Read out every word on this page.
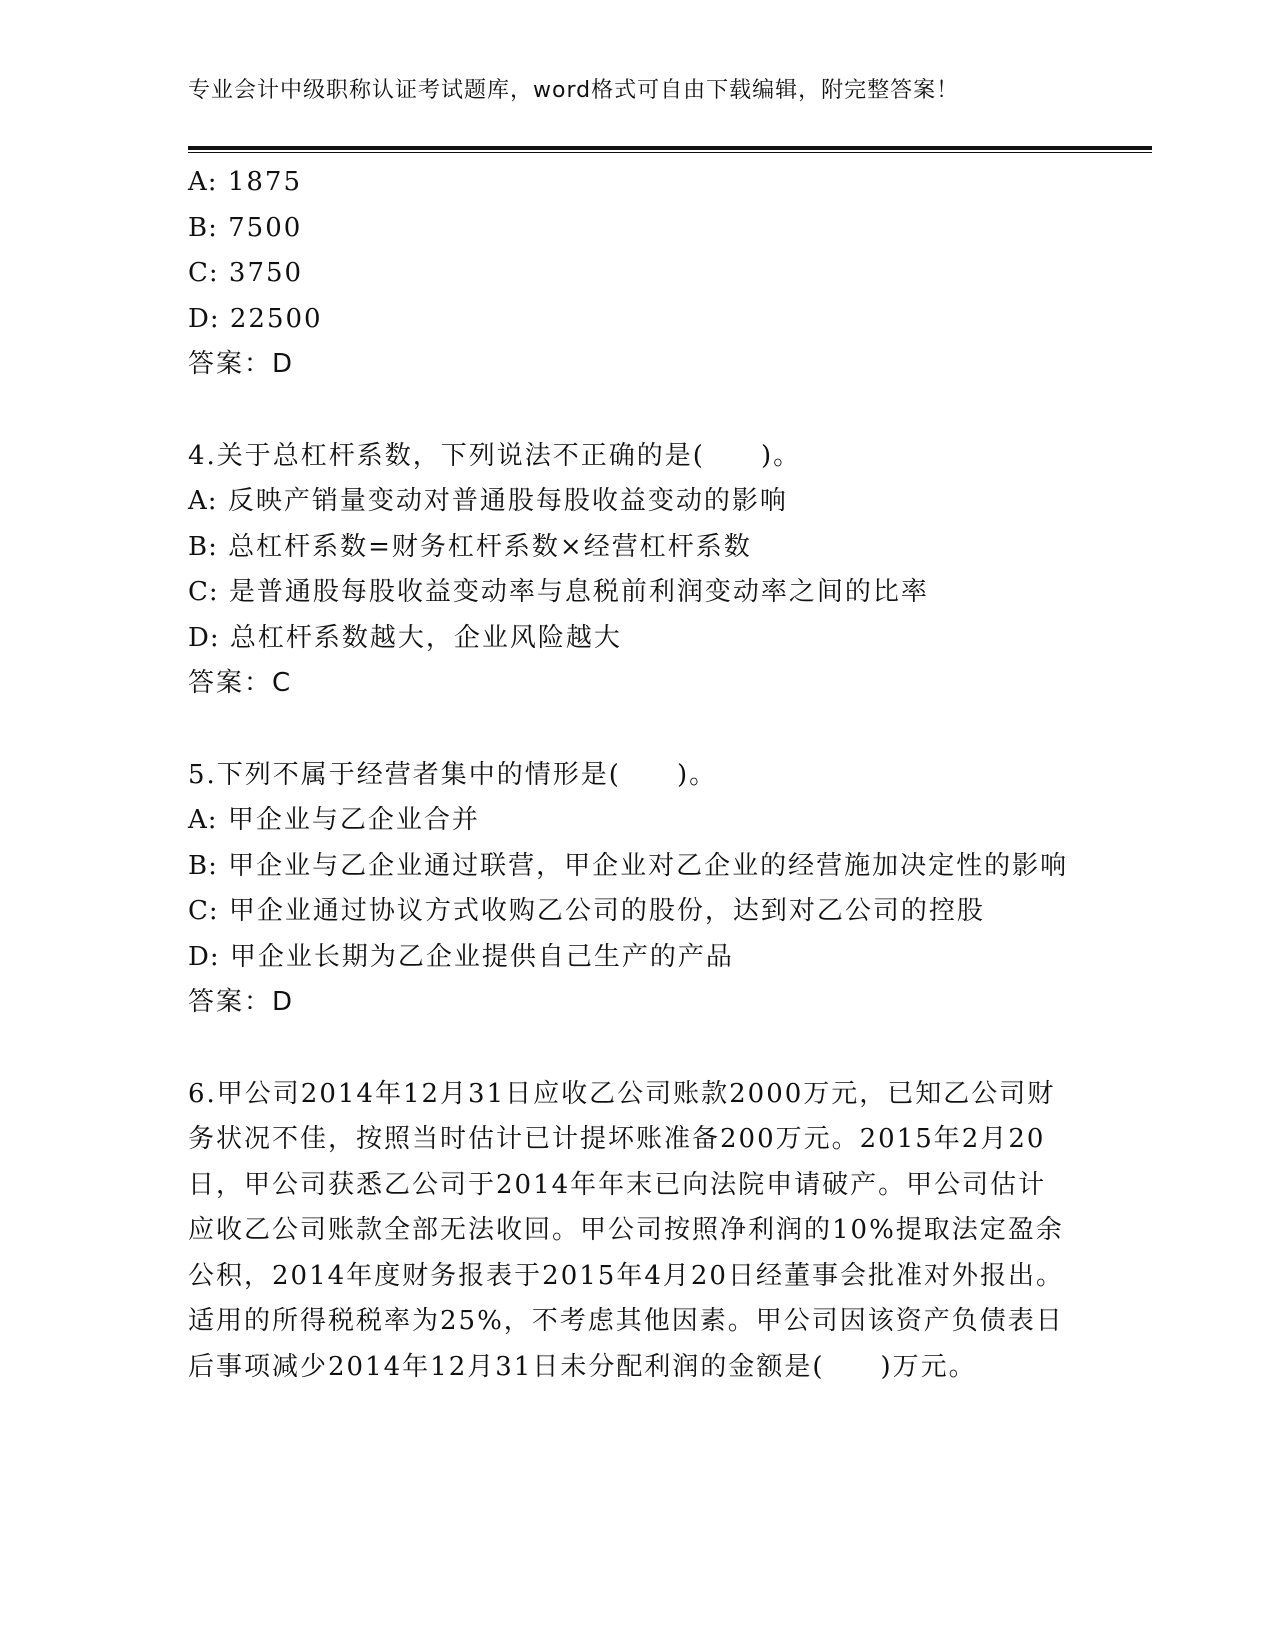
专业会计中级职称认证考试题库，word格式可自由下载编辑，附完整答案！
A: 1875
B: 7500
C: 3750
D: 22500
答案：D
4.关于总杠杆系数，下列说法不正确的是(　　)。
A: 反映产销量变动对普通股每股收益变动的影响
B: 总杠杆系数=财务杠杆系数×经营杠杆系数
C: 是普通股每股收益变动率与息税前利润变动率之间的比率
D: 总杠杆系数越大，企业风险越大
答案：C
5.下列不属于经营者集中的情形是(　　)。
A: 甲企业与乙企业合并
B: 甲企业与乙企业通过联营，甲企业对乙企业的经营施加决定性的影响
C: 甲企业通过协议方式收购乙公司的股份，达到对乙公司的控股
D: 甲企业长期为乙企业提供自己生产的产品
答案：D
6.甲公司2014年12月31日应收乙公司账款2000万元，已知乙公司财务状况不佳，按照当时估计已计提坏账准备200万元。2015年2月20日，甲公司获悉乙公司于2014年年末已向法院申请破产。甲公司估计应收乙公司账款全部无法收回。甲公司按照净利润的10%提取法定盈余公积，2014年度财务报表于2015年4月20日经董事会批准对外报出。适用的所得税税率为25%，不考虑其他因素。甲公司因该资产负债表日后事项减少2014年12月31日未分配利润的金额是(　　)万元。
